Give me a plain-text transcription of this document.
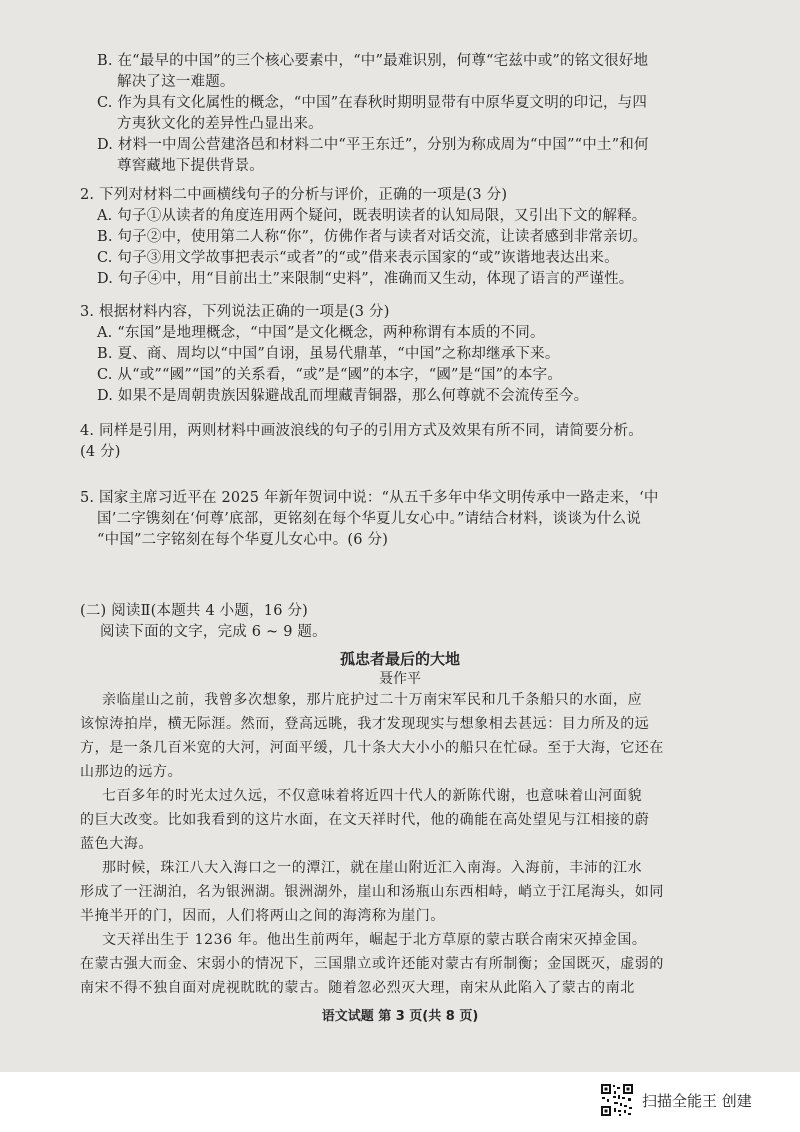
B. 在“最早的中国”的三个核心要素中，“中”最难识别，何尊“宅兹中或”的铭文很好地
解决了这一难题。
C. 作为具有文化属性的概念，“中国”在春秋时期明显带有中原华夏文明的印记，与四
方夷狄文化的差异性凸显出来。
D. 材料一中周公营建洛邑和材料二中“平王东迁”，分别为称成周为“中国”“中土”和何
尊窖藏地下提供背景。
2. 下列对材料二中画横线句子的分析与评价，正确的一项是(3 分)
A. 句子①从读者的角度连用两个疑问，既表明读者的认知局限，又引出下文的解释。
B. 句子②中，使用第二人称“你”，仿佛作者与读者对话交流，让读者感到非常亲切。
C. 句子③用文学故事把表示“或者”的“或”借来表示国家的“或”诙谐地表达出来。
D. 句子④中，用“目前出土”来限制“史料”，准确而又生动，体现了语言的严谨性。
3. 根据材料内容，下列说法正确的一项是(3 分)
A. “东国”是地理概念，“中国”是文化概念，两种称谓有本质的不同。
B. 夏、商、周均以“中国”自诩，虽易代鼎革，“中国”之称却继承下来。
C. 从“或”“國”“国”的关系看，“或”是“國”的本字，“國”是“国”的本字。
D. 如果不是周朝贵族因躲避战乱而埋藏青铜器，那么何尊就不会流传至今。
4. 同样是引用，两则材料中画波浪线的句子的引用方式及效果有所不同，请简要分析。
(4 分)
5. 国家主席习近平在 2025 年新年贺词中说：“从五千多年中华文明传承中一路走来，‘中
国’二字镌刻在‘何尊’底部，更铭刻在每个华夏儿女心中。”请结合材料，谈谈为什么说
“中国”二字铭刻在每个华夏儿女心中。(6 分)
(二) 阅读Ⅱ(本题共 4 小题，16 分)
阅读下面的文字，完成 6 ~ 9 题。
孤忠者最后的大地
聂作平
亲临崖山之前，我曾多次想象，那片庇护过二十万南宋军民和几千条船只的水面，应
该惊涛拍岸，横无际涯。然而，登高远眺，我才发现现实与想象相去甚远：目力所及的远
方，是一条几百米宽的大河，河面平缓，几十条大大小小的船只在忙碌。至于大海，它还在
山那边的远方。
七百多年的时光太过久远，不仅意味着将近四十代人的新陈代谢，也意味着山河面貌
的巨大改变。比如我看到的这片水面，在文天祥时代，他的确能在高处望见与江相接的蔚
蓝色大海。
那时候，珠江八大入海口之一的潭江，就在崖山附近汇入南海。入海前，丰沛的江水
形成了一汪湖泊，名为银洲湖。银洲湖外，崖山和汤瓶山东西相峙，峭立于江尾海头，如同
半掩半开的门，因而，人们将两山之间的海湾称为崖门。
文天祥出生于 1236 年。他出生前两年，崛起于北方草原的蒙古联合南宋灭掉金国。
在蒙古强大而金、宋弱小的情况下，三国鼎立或许还能对蒙古有所制衡；金国既灭，虚弱的
南宋不得不独自面对虎视眈眈的蒙古。随着忽必烈灭大理，南宋从此陷入了蒙古的南北
语文试题 第 3 页(共 8 页)
扫描全能王 创建
